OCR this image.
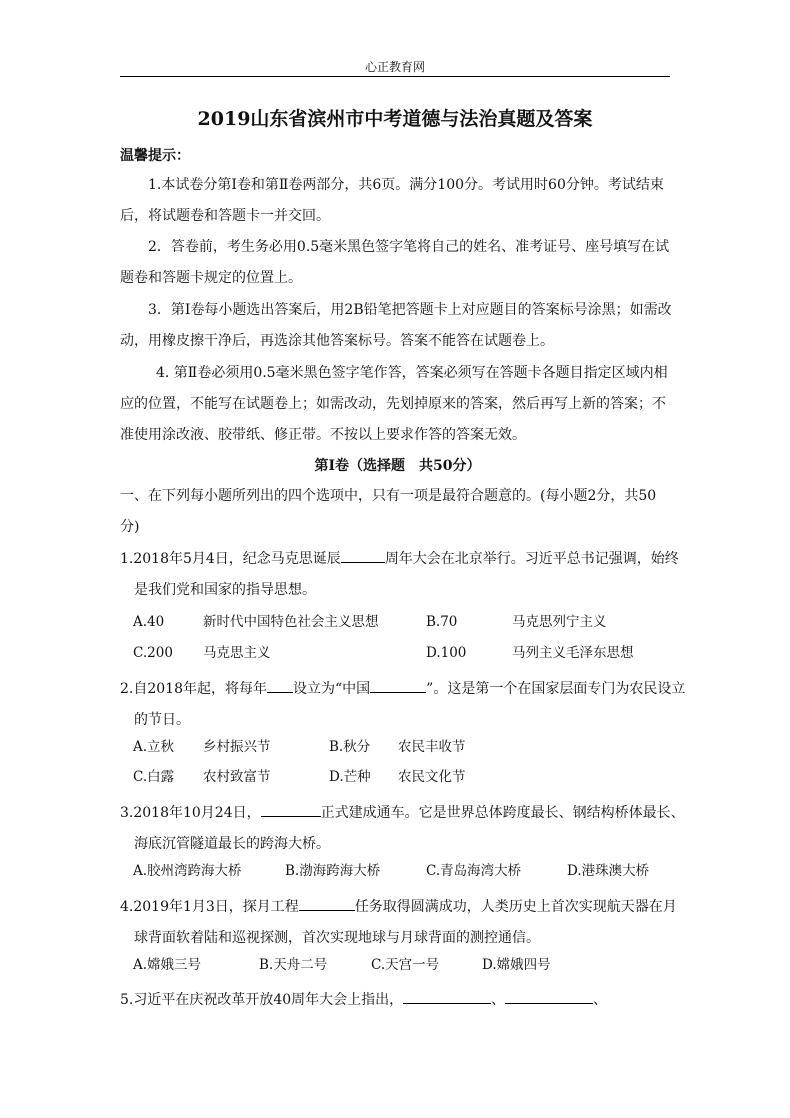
心正教育网
2019山东省滨州市中考道德与法治真题及答案
温馨提示：

1.本试卷分第Ⅰ卷和第Ⅱ卷两部分，共6页。满分100分。考试用时60分钟。考试结束后，将试题卷和答题卡一并交回。

2．答卷前，考生务必用0.5毫米黑色签字笔将自己的姓名、准考证号、座号填写在试题卷和答题卡规定的位置上。

3．第Ⅰ卷每小题选出答案后，用2B铅笔把答题卡上对应题目的答案标号涂黑；如需改动，用橡皮擦干净后，再选涂其他答案标号。答案不能答在试题卷上。

4. 第Ⅱ卷必须用0.5毫米黑色签字笔作答，答案必须写在答题卡各题目指定区域内相应的位置，不能写在试题卷上；如需改动，先划掉原来的答案，然后再写上新的答案；不准使用涂改液、胶带纸、修正带。不按以上要求作答的答案无效。

第Ⅰ卷（选择题　共50分）

一、在下列每小题所列出的四个选项中，只有一项是最符合题意的。(每小题2分，共50分)

1.2018年5月4日，纪念马克思诞辰	周年大会在北京举行。习近平总书记强调，始终是我们党和国家的指导思想。

A.40	新时代中国特色社会主义思想	B.70	马克思列宁主义
C.200 马克思主义	D.100	马列主义毛泽东思想

2.自2018年起，将每年 设立为“中国	”。这是第一个在国家层面专门为农民设立的节日。

A.立秋 乡村振兴节	B.秋分 农民丰收节
C.白露 农村致富节	D.芒种 农民文化节

3.2018年10月24日，	正式建成通车。它是世界总体跨度最长、钢结构桥体最长、海底沉管隧道最长的跨海大桥。

A.胶州湾跨海大桥	B.渤海跨海大桥	C.青岛海湾大桥	D.港珠澳大桥

4.2019年1月3日，探月工程	任务取得圆满成功，人类历史上首次实现航天器在月球背面软着陆和巡视探测，首次实现地球与月球背面的测控通信。

A.嫦娥三号	B.天舟二号	C.天宫一号	D.嫦娥四号

5.习近平在庆祝改革开放40周年大会上指出，	、	、
